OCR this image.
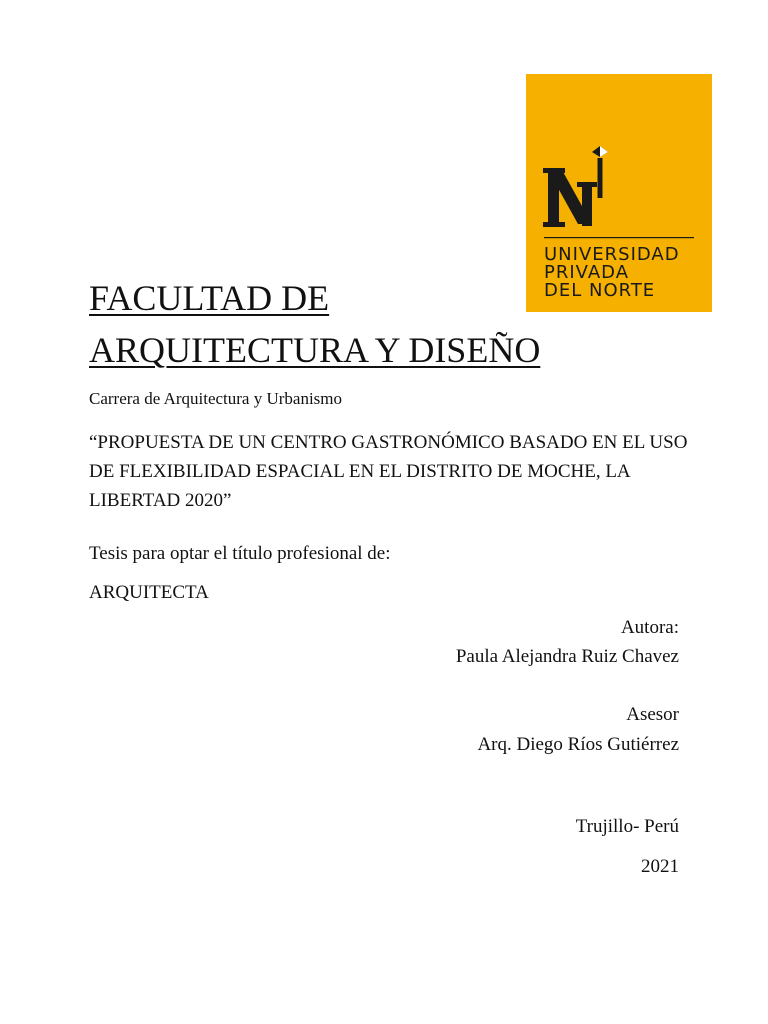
UNIVERSIDAD
PRIVADA
DEL NORTE
FACULTAD DE
ARQUITECTURA Y DISEÑO
Carrera de Arquitectura y Urbanismo
“PROPUESTA DE UN CENTRO GASTRONÓMICO BASADO EN EL USO DE FLEXIBILIDAD ESPACIAL EN EL DISTRITO DE MOCHE, LA LIBERTAD 2020”
Tesis para optar el título profesional de:
ARQUITECTA
Autora:
Paula Alejandra Ruiz Chavez
Asesor
Arq. Diego Ríos Gutiérrez
Trujillo- Perú
2021
